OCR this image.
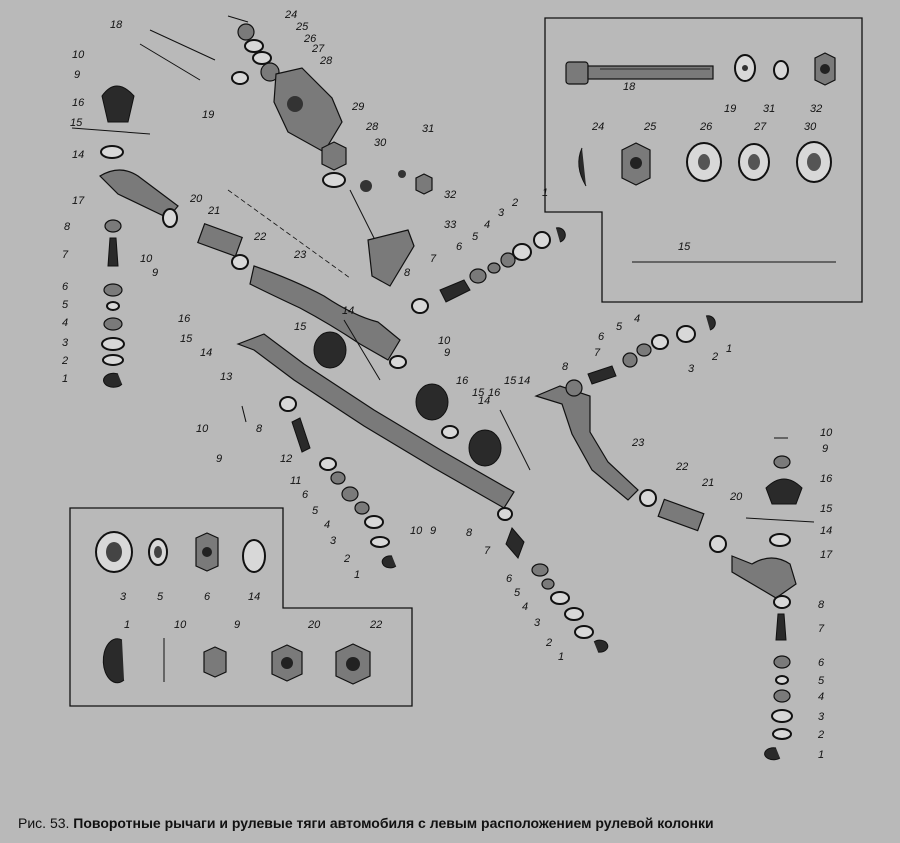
18
19 31	32
24	25	26	27	30
15
3	5	6	14
1	10	9	20	22
24
25
26
27
28
29
28
30
31
32
33
18
19
10
9
16
15
14
17
8
7
6
5
4
3
2
1
20
21
22
23
10
9	8
7
6
5
4
3
2
1
16
15
14
15
14
10
9
13	16
14
15 16
10
9
8
12
11
6
5
4
3
2
1
10 9	8
7
6
5
4
3
2
1
15 14
23
22
21
20
8
7
6
5
4
3
2
1
10
9
16
15
14
17
8
7
6
5
4
3
2
1
Рис. 53. Поворотные рычаги и рулевые тяги автомобиля с левым расположением рулевой колонки
